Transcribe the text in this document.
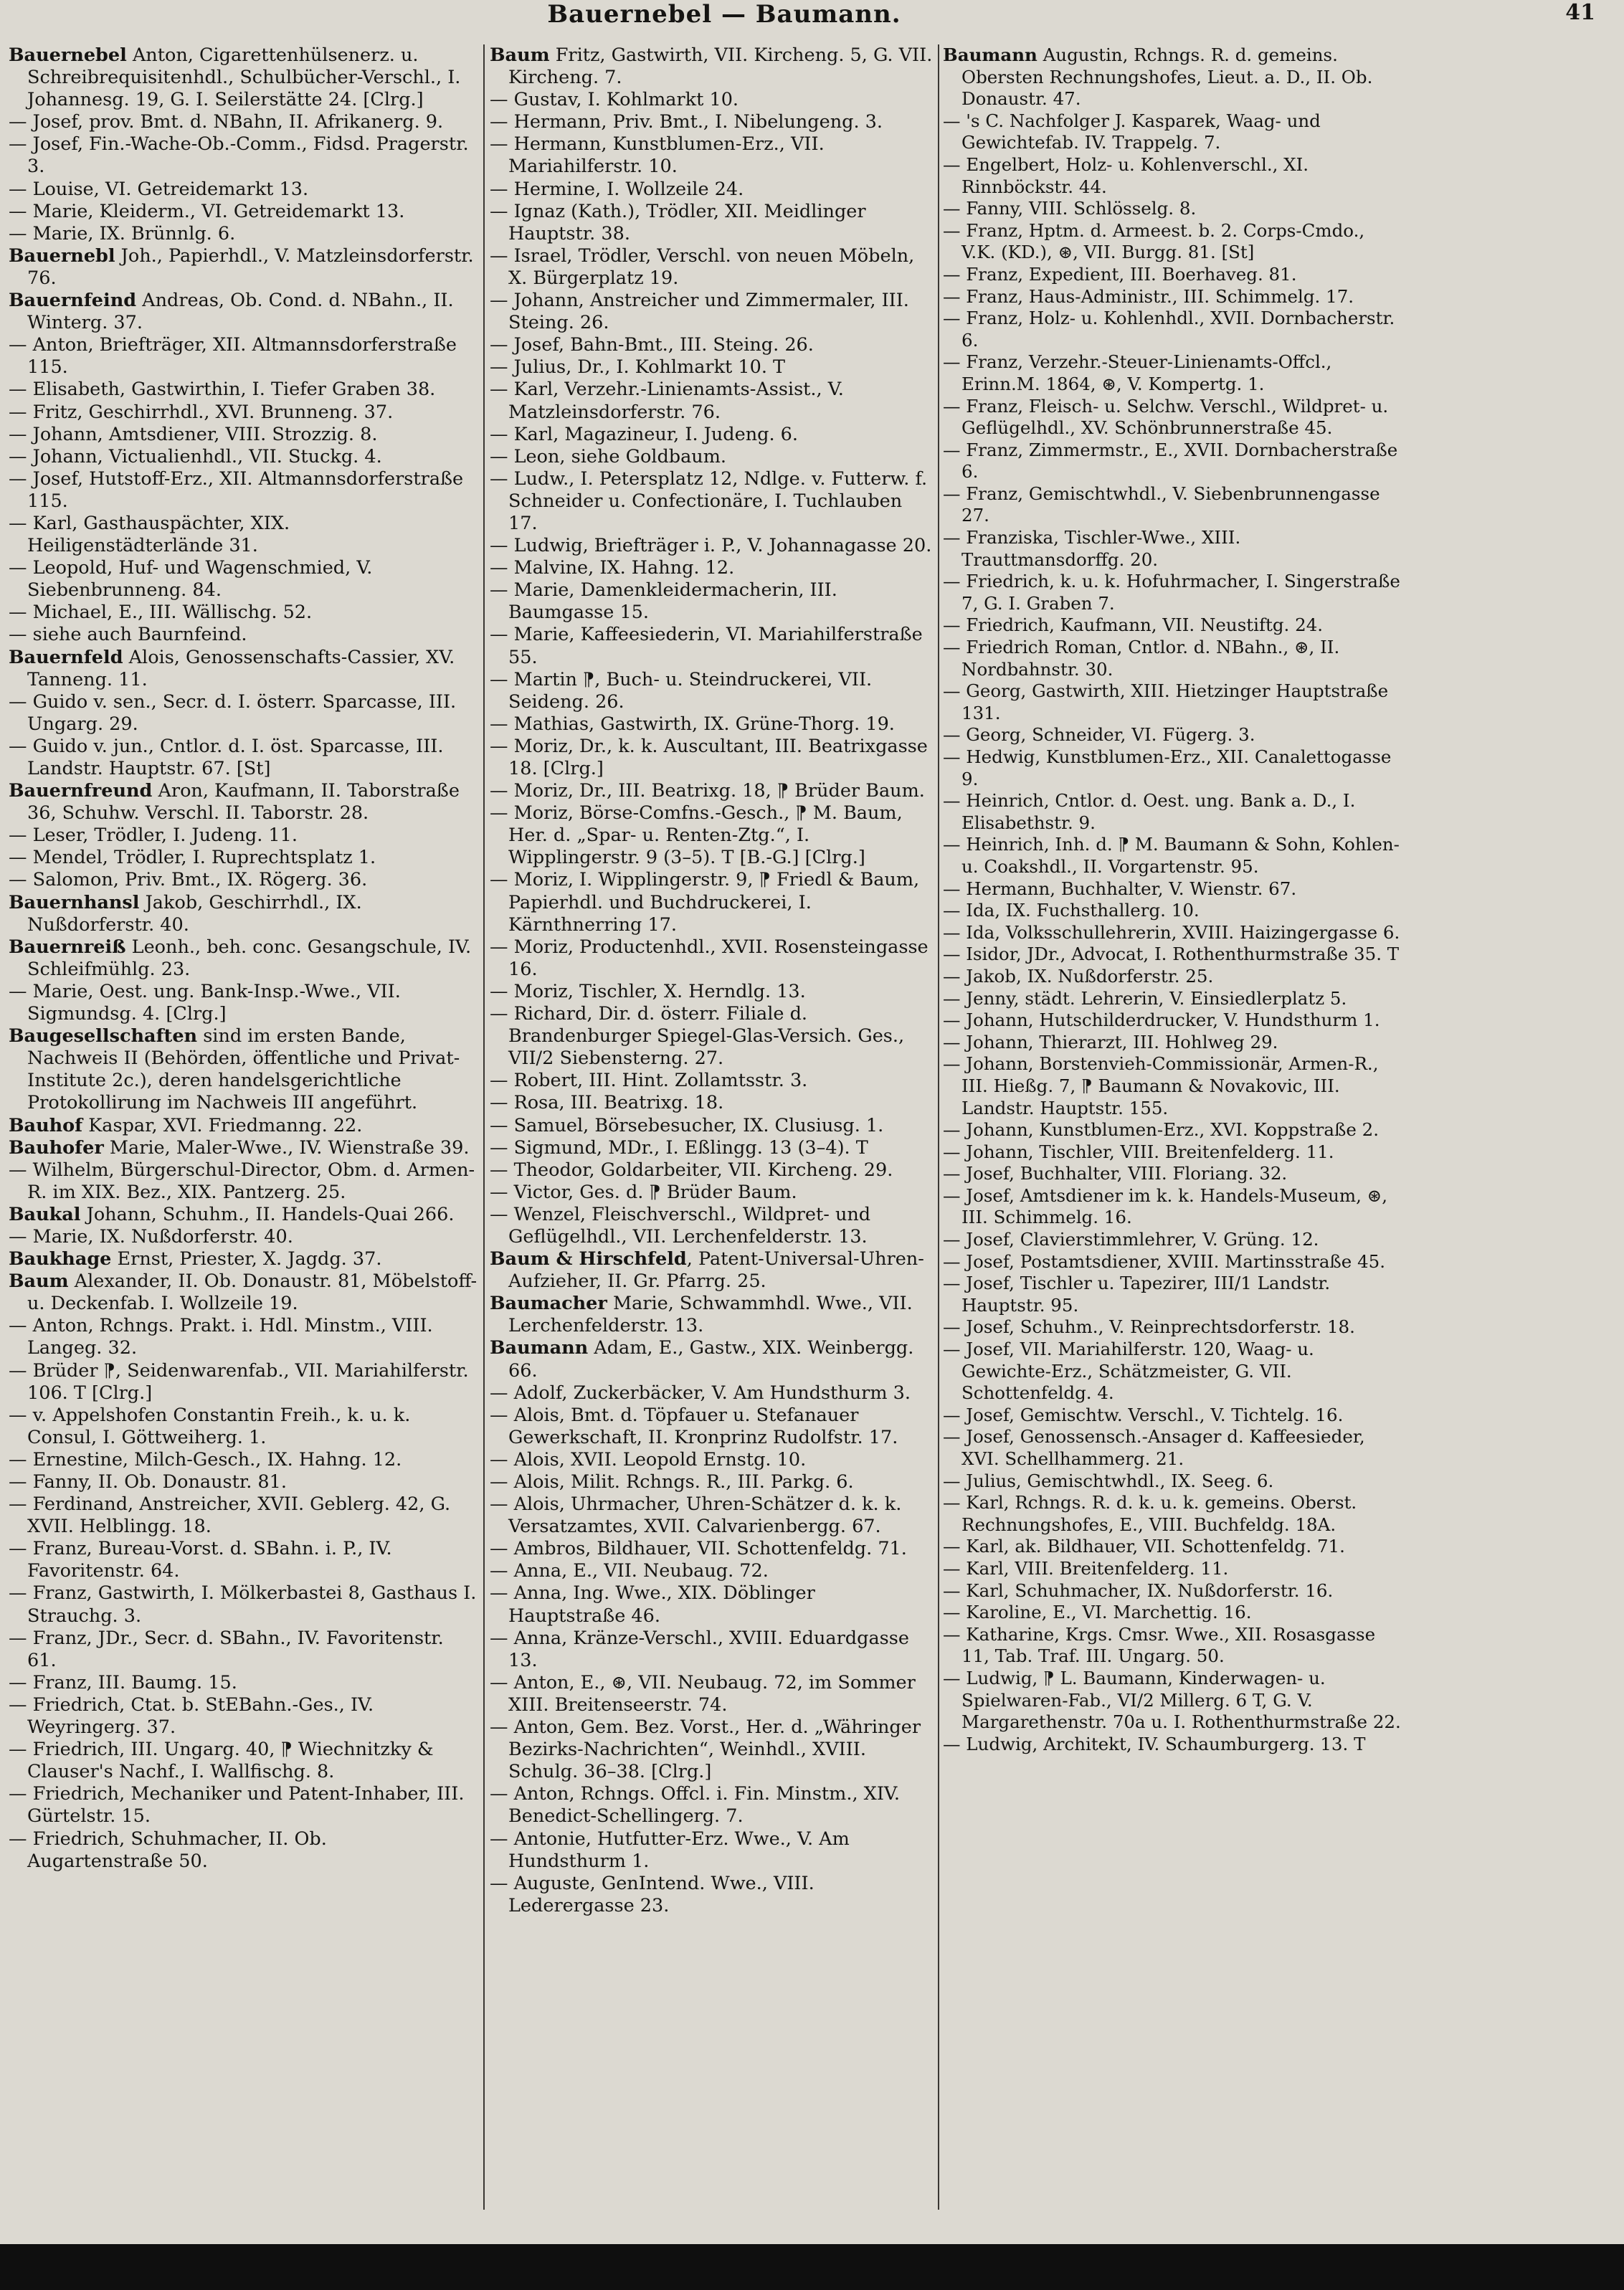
Bauernebel — Baumann.	41
Bauernebel Anton, Cigarettenhülsenerz. u. Schreibrequisitenhdl., Schulbücher-Verschl., I. Johannesg. 19, G. I. Seilerstätte 24. [Clrg.]
— Josef, prov. Bmt. d. NBahn, II. Afrikanerg. 9.
— Josef, Fin.-Wache-Ob.-Comm., Fidsd. Pragerstr. 3.
— Louise, VI. Getreidemarkt 13.
— Marie, Kleiderm., VI. Getreidemarkt 13.
— Marie, IX. Brünnlg. 6.
Bauernebl Joh., Papierhdl., V. Matzleinsdorferstr. 76.
Bauernfeind Andreas, Ob. Cond. d. NBahn., II. Winterg. 37.
— Anton, Briefträger, XII. Altmannsdorferstraße 115.
— Elisabeth, Gastwirthin, I. Tiefer Graben 38.
— Fritz, Geschirrhdl., XVI. Brunneng. 37.
— Johann, Amtsdiener, VIII. Strozzig. 8.
— Johann, Victualienhdl., VII. Stuckg. 4.
— Josef, Hutstoff-Erz., XII. Altmannsdorferstraße 115.
— Karl, Gasthauspächter, XIX. Heiligenstädterlände 31.
— Leopold, Huf- und Wagenschmied, V. Siebenbrunneng. 84.
— Michael, E., III. Wällischg. 52.
— siehe auch Baurnfeind.
Bauernfeld Alois, Genossenschafts-Cassier, XV. Tanneng. 11.
— Guido v. sen., Secr. d. I. österr. Sparcasse, III. Ungarg. 29.
— Guido v. jun., Cntlor. d. I. öst. Sparcasse, III. Landstr. Hauptstr. 67. [St]
Bauernfreund Aron, Kaufmann, II. Taborstraße 36, Schuhw. Verschl. II. Taborstr. 28.
— Leser, Trödler, I. Judeng. 11.
— Mendel, Trödler, I. Ruprechtsplatz 1.
— Salomon, Priv. Bmt., IX. Rögerg. 36.
Bauernhansl Jakob, Geschirrhdl., IX. Nußdorferstr. 40.
Bauernreiß Leonh., beh. conc. Gesangschule, IV. Schleifmühlg. 23.
— Marie, Oest. ung. Bank-Insp.-Wwe., VII. Sigmundsg. 4. [Clrg.]
Baugesellschaften sind im ersten Bande, Nachweis II (Behörden, öffentliche und Privat-Institute 2c.), deren handelsgerichtliche Protokollirung im Nachweis III angeführt.
Bauhof Kaspar, XVI. Friedmanng. 22.
Bauhofer Marie, Maler-Wwe., IV. Wienstraße 39.
— Wilhelm, Bürgerschul-Director, Obm. d. Armen-R. im XIX. Bez., XIX. Pantzerg. 25.
Baukal Johann, Schuhm., II. Handels-Quai 266.
— Marie, IX. Nußdorferstr. 40.
Baukhage Ernst, Priester, X. Jagdg. 37.
Baum Alexander, II. Ob. Donaustr. 81, Möbelstoff- u. Deckenfab. I. Wollzeile 19.
— Anton, Rchngs. Prakt. i. Hdl. Minstm., VIII. Langeg. 32.
— Brüder ⁋, Seidenwarenfab., VII. Mariahilferstr. 106. T [Clrg.]
— v. Appelshofen Constantin Freih., k. u. k. Consul, I. Göttweiherg. 1.
— Ernestine, Milch-Gesch., IX. Hahng. 12.
— Fanny, II. Ob. Donaustr. 81.
— Ferdinand, Anstreicher, XVII. Geblerg. 42, G. XVII. Helblingg. 18.
— Franz, Bureau-Vorst. d. SBahn. i. P., IV. Favoritenstr. 64.
— Franz, Gastwirth, I. Mölkerbastei 8, Gasthaus I. Strauchg. 3.
— Franz, JDr., Secr. d. SBahn., IV. Favoritenstr. 61.
— Franz, III. Baumg. 15.
— Friedrich, Ctat. b. StEBahn.-Ges., IV. Weyringerg. 37.
— Friedrich, III. Ungarg. 40, ⁋ Wiechnitzky & Clauser's Nachf., I. Wallfischg. 8.
— Friedrich, Mechaniker und Patent-Inhaber, III. Gürtelstr. 15.
— Friedrich, Schuhmacher, II. Ob. Augartenstraße 50.
Baum Fritz, Gastwirth, VII. Kircheng. 5, G. VII. Kircheng. 7.
— Gustav, I. Kohlmarkt 10.
— Hermann, Priv. Bmt., I. Nibelungeng. 3.
— Hermann, Kunstblumen-Erz., VII. Mariahilferstr. 10.
— Hermine, I. Wollzeile 24.
— Ignaz (Kath.), Trödler, XII. Meidlinger Hauptstr. 38.
— Israel, Trödler, Verschl. von neuen Möbeln, X. Bürgerplatz 19.
— Johann, Anstreicher und Zimmermaler, III. Steing. 26.
— Josef, Bahn-Bmt., III. Steing. 26.
— Julius, Dr., I. Kohlmarkt 10. T
— Karl, Verzehr.-Linienamts-Assist., V. Matzleinsdorferstr. 76.
— Karl, Magazineur, I. Judeng. 6.
— Leon, siehe Goldbaum.
— Ludw., I. Petersplatz 12, Ndlge. v. Futterw. f. Schneider u. Confectionäre, I. Tuchlauben 17.
— Ludwig, Briefträger i. P., V. Johannagasse 20.
— Malvine, IX. Hahng. 12.
— Marie, Damenkleidermacherin, III. Baumgasse 15.
— Marie, Kaffeesiederin, VI. Mariahilferstraße 55.
— Martin ⁋, Buch- u. Steindruckerei, VII. Seideng. 26.
— Mathias, Gastwirth, IX. Grüne-Thorg. 19.
— Moriz, Dr., k. k. Auscultant, III. Beatrixgasse 18. [Clrg.]
— Moriz, Dr., III. Beatrixg. 18, ⁋ Brüder Baum.
— Moriz, Börse-Comfns.-Gesch., ⁋ M. Baum, Her. d. „Spar- u. Renten-Ztg.“, I. Wipplingerstr. 9 (3–5). T [B.-G.] [Clrg.]
— Moriz, I. Wipplingerstr. 9, ⁋ Friedl & Baum, Papierhdl. und Buchdruckerei, I. Kärnthnerring 17.
— Moriz, Productenhdl., XVII. Rosensteingasse 16.
— Moriz, Tischler, X. Herndlg. 13.
— Richard, Dir. d. österr. Filiale d. Brandenburger Spiegel-Glas-Versich. Ges., VII/2 Siebensterng. 27.
— Robert, III. Hint. Zollamtsstr. 3.
— Rosa, III. Beatrixg. 18.
— Samuel, Börsebesucher, IX. Clusiusg. 1.
— Sigmund, MDr., I. Eßlingg. 13 (3–4). T
— Theodor, Goldarbeiter, VII. Kircheng. 29.
— Victor, Ges. d. ⁋ Brüder Baum.
— Wenzel, Fleischverschl., Wildpret- und Geflügelhdl., VII. Lerchenfelderstr. 13.
Baum & Hirschfeld, Patent-Universal-Uhren-Aufzieher, II. Gr. Pfarrg. 25.
Baumacher Marie, Schwammhdl. Wwe., VII. Lerchenfelderstr. 13.
Baumann Adam, E., Gastw., XIX. Weinbergg. 66.
— Adolf, Zuckerbäcker, V. Am Hundsthurm 3.
— Alois, Bmt. d. Töpfauer u. Stefanauer Gewerkschaft, II. Kronprinz Rudolfstr. 17.
— Alois, XVII. Leopold Ernstg. 10.
— Alois, Milit. Rchngs. R., III. Parkg. 6.
— Alois, Uhrmacher, Uhren-Schätzer d. k. k. Versatzamtes, XVII. Calvarienbergg. 67.
— Ambros, Bildhauer, VII. Schottenfeldg. 71.
— Anna, E., VII. Neubaug. 72.
— Anna, Ing. Wwe., XIX. Döblinger Hauptstraße 46.
— Anna, Kränze-Verschl., XVIII. Eduardgasse 13.
— Anton, E., ⊛, VII. Neubaug. 72, im Sommer XIII. Breitenseerstr. 74.
— Anton, Gem. Bez. Vorst., Her. d. „Währinger Bezirks-Nachrichten“, Weinhdl., XVIII. Schulg. 36–38. [Clrg.]
— Anton, Rchngs. Offcl. i. Fin. Minstm., XIV. Benedict-Schellingerg. 7.
— Antonie, Hutfutter-Erz. Wwe., V. Am Hundsthurm 1.
— Auguste, GenIntend. Wwe., VIII. Lederergasse 23.
Baumann Augustin, Rchngs. R. d. gemeins. Obersten Rechnungshofes, Lieut. a. D., II. Ob. Donaustr. 47.
— 's C. Nachfolger J. Kasparek, Waag- und Gewichtefab. IV. Trappelg. 7.
— Engelbert, Holz- u. Kohlenverschl., XI. Rinnböckstr. 44.
— Fanny, VIII. Schlösselg. 8.
— Franz, Hptm. d. Armeest. b. 2. Corps-Cmdo., V.K. (KD.), ⊛, VII. Burgg. 81. [St]
— Franz, Expedient, III. Boerhaveg. 81.
— Franz, Haus-Administr., III. Schimmelg. 17.
— Franz, Holz- u. Kohlenhdl., XVII. Dornbacherstr. 6.
— Franz, Verzehr.-Steuer-Linienamts-Offcl., Erinn.M. 1864, ⊛, V. Kompertg. 1.
— Franz, Fleisch- u. Selchw. Verschl., Wildpret- u. Geflügelhdl., XV. Schönbrunnerstraße 45.
— Franz, Zimmermstr., E., XVII. Dornbacherstraße 6.
— Franz, Gemischtwhdl., V. Siebenbrunnengasse 27.
— Franziska, Tischler-Wwe., XIII. Trauttmansdorffg. 20.
— Friedrich, k. u. k. Hofuhrmacher, I. Singerstraße 7, G. I. Graben 7.
— Friedrich, Kaufmann, VII. Neustiftg. 24.
— Friedrich Roman, Cntlor. d. NBahn., ⊛, II. Nordbahnstr. 30.
— Georg, Gastwirth, XIII. Hietzinger Hauptstraße 131.
— Georg, Schneider, VI. Fügerg. 3.
— Hedwig, Kunstblumen-Erz., XII. Canalettogasse 9.
— Heinrich, Cntlor. d. Oest. ung. Bank a. D., I. Elisabethstr. 9.
— Heinrich, Inh. d. ⁋ M. Baumann & Sohn, Kohlen- u. Coakshdl., II. Vorgartenstr. 95.
— Hermann, Buchhalter, V. Wienstr. 67.
— Ida, IX. Fuchsthallerg. 10.
— Ida, Volksschullehrerin, XVIII. Haizingergasse 6.
— Isidor, JDr., Advocat, I. Rothenthurmstraße 35. T
— Jakob, IX. Nußdorferstr. 25.
— Jenny, städt. Lehrerin, V. Einsiedlerplatz 5.
— Johann, Hutschilderdrucker, V. Hundsthurm 1.
— Johann, Thierarzt, III. Hohlweg 29.
— Johann, Borstenvieh-Commissionär, Armen-R., III. Hießg. 7, ⁋ Baumann & Novakovic, III. Landstr. Hauptstr. 155.
— Johann, Kunstblumen-Erz., XVI. Koppstraße 2.
— Johann, Tischler, VIII. Breitenfelderg. 11.
— Josef, Buchhalter, VIII. Floriang. 32.
— Josef, Amtsdiener im k. k. Handels-Museum, ⊛, III. Schimmelg. 16.
— Josef, Clavierstimmlehrer, V. Grüng. 12.
— Josef, Postamtsdiener, XVIII. Martinsstraße 45.
— Josef, Tischler u. Tapezirer, III/1 Landstr. Hauptstr. 95.
— Josef, Schuhm., V. Reinprechtsdorferstr. 18.
— Josef, VII. Mariahilferstr. 120, Waag- u. Gewichte-Erz., Schätzmeister, G. VII. Schottenfeldg. 4.
— Josef, Gemischtw. Verschl., V. Tichtelg. 16.
— Josef, Genossensch.-Ansager d. Kaffeesieder, XVI. Schellhammerg. 21.
— Julius, Gemischtwhdl., IX. Seeg. 6.
— Karl, Rchngs. R. d. k. u. k. gemeins. Oberst. Rechnungshofes, E., VIII. Buchfeldg. 18A.
— Karl, ak. Bildhauer, VII. Schottenfeldg. 71.
— Karl, VIII. Breitenfelderg. 11.
— Karl, Schuhmacher, IX. Nußdorferstr. 16.
— Karoline, E., VI. Marchettig. 16.
— Katharine, Krgs. Cmsr. Wwe., XII. Rosasgasse 11, Tab. Traf. III. Ungarg. 50.
— Ludwig, ⁋ L. Baumann, Kinderwagen- u. Spielwaren-Fab., VI/2 Millerg. 6 T, G. V. Margarethenstr. 70a u. I. Rothenthurmstraße 22.
— Ludwig, Architekt, IV. Schaumburgerg. 13. T
